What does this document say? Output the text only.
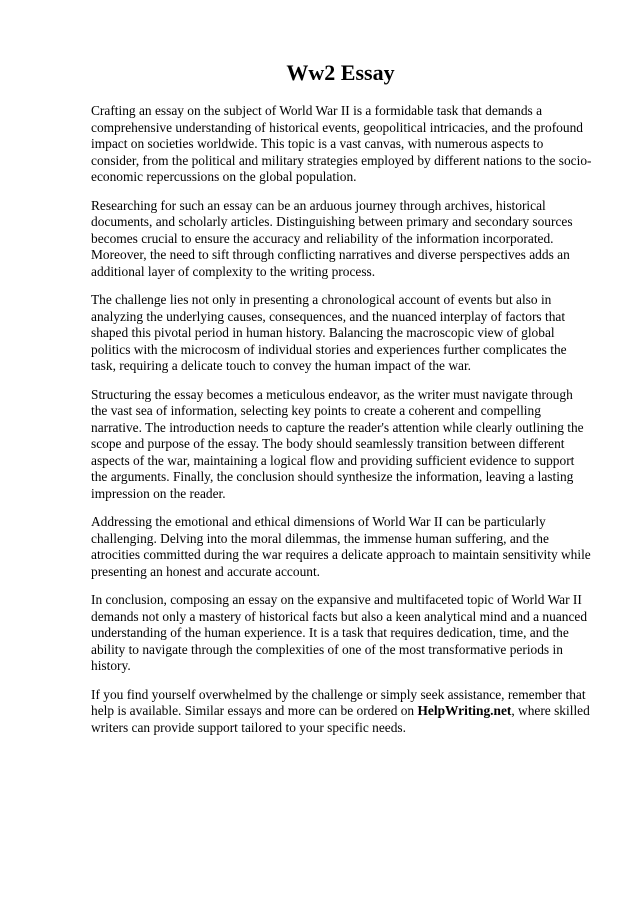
Ww2 Essay

Crafting an essay on the subject of World War II is a formidable task that demands a comprehensive understanding of historical events, geopolitical intricacies, and the profound impact on societies worldwide. This topic is a vast canvas, with numerous aspects to consider, from the political and military strategies employed by different nations to the socio-economic repercussions on the global population.

Researching for such an essay can be an arduous journey through archives, historical documents, and scholarly articles. Distinguishing between primary and secondary sources becomes crucial to ensure the accuracy and reliability of the information incorporated. Moreover, the need to sift through conflicting narratives and diverse perspectives adds an additional layer of complexity to the writing process.

The challenge lies not only in presenting a chronological account of events but also in analyzing the underlying causes, consequences, and the nuanced interplay of factors that shaped this pivotal period in human history. Balancing the macroscopic view of global politics with the microcosm of individual stories and experiences further complicates the task, requiring a delicate touch to convey the human impact of the war.

Structuring the essay becomes a meticulous endeavor, as the writer must navigate through the vast sea of information, selecting key points to create a coherent and compelling narrative. The introduction needs to capture the reader's attention while clearly outlining the scope and purpose of the essay. The body should seamlessly transition between different aspects of the war, maintaining a logical flow and providing sufficient evidence to support the arguments. Finally, the conclusion should synthesize the information, leaving a lasting impression on the reader.

Addressing the emotional and ethical dimensions of World War II can be particularly challenging. Delving into the moral dilemmas, the immense human suffering, and the atrocities committed during the war requires a delicate approach to maintain sensitivity while presenting an honest and accurate account.

In conclusion, composing an essay on the expansive and multifaceted topic of World War II demands not only a mastery of historical facts but also a keen analytical mind and a nuanced understanding of the human experience. It is a task that requires dedication, time, and the ability to navigate through the complexities of one of the most transformative periods in history.

If you find yourself overwhelmed by the challenge or simply seek assistance, remember that help is available. Similar essays and more can be ordered on HelpWriting.net, where skilled writers can provide support tailored to your specific needs.
